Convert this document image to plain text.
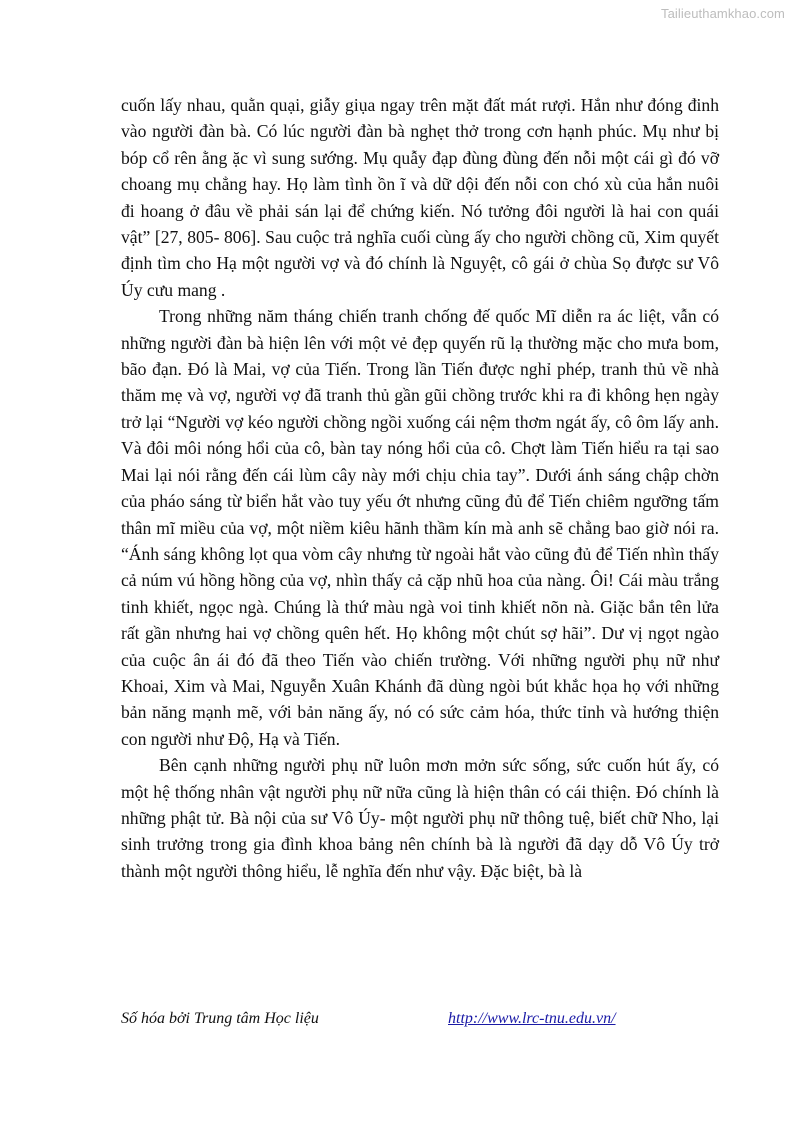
Tailieuthamkhao.com

cuốn lấy nhau, quằn quại, giẫy giụa ngay trên mặt đất mát rượi. Hắn như đóng đinh vào người đàn bà. Có lúc người đàn bà nghẹt thở trong cơn hạnh phúc. Mụ như bị bóp cổ rên ằng ặc vì sung sướng. Mụ quẫy đạp đùng đùng đến nỗi một cái gì đó vỡ choang mụ chẳng hay. Họ làm tình ồn ĩ và dữ dội đến nỗi con chó xù của hắn nuôi đi hoang ở đâu về phải sán lại để chứng kiến. Nó tưởng đôi người là hai con quái vật” [27, 805- 806]. Sau cuộc trả nghĩa cuối cùng ấy cho người chồng cũ, Xim quyết định tìm cho Hạ một người vợ và đó chính là Nguyệt, cô gái ở chùa Sọ được sư Vô Úy cưu mang .

Trong những năm tháng chiến tranh chống đế quốc Mĩ diễn ra ác liệt, vẫn có những người đàn bà hiện lên với một vẻ đẹp quyến rũ lạ thường mặc cho mưa bom, bão đạn. Đó là Mai, vợ của Tiến. Trong lần Tiến được nghỉ phép, tranh thủ về nhà thăm mẹ và vợ, người vợ đã tranh thủ gần gũi chồng trước khi ra đi không hẹn ngày trở lại “Người vợ kéo người chồng ngồi xuống cái nệm thơm ngát ấy, cô ôm lấy anh. Và đôi môi nóng hổi của cô, bàn tay nóng hổi của cô. Chợt làm Tiến hiểu ra tại sao Mai lại nói rằng đến cái lùm cây này mới chịu chia tay”. Dưới ánh sáng chập chờn của pháo sáng từ biển hắt vào tuy yếu ớt nhưng cũng đủ để Tiến chiêm ngưỡng tấm thân mĩ miều của vợ, một niềm kiêu hãnh thầm kín mà anh sẽ chẳng bao giờ nói ra. “Ánh sáng không lọt qua vòm cây nhưng từ ngoài hắt vào cũng đủ để Tiến nhìn thấy cả núm vú hồng hồng của vợ, nhìn thấy cả cặp nhũ hoa của nàng. Ôi! Cái màu trắng tinh khiết, ngọc ngà. Chúng là thứ màu ngà voi tinh khiết nõn nà. Giặc bắn tên lửa rất gần nhưng hai vợ chồng quên hết. Họ không một chút sợ hãi”. Dư vị ngọt ngào của cuộc ân ái đó đã theo Tiến vào chiến trường. Với những người phụ nữ như Khoai, Xim và Mai, Nguyễn Xuân Khánh đã dùng ngòi bút khắc họa họ với những bản năng mạnh mẽ, với bản năng ấy, nó có sức cảm hóa, thức tỉnh và hướng thiện con người như Độ, Hạ và Tiến.

Bên cạnh những người phụ nữ luôn mơn mởn sức sống, sức cuốn hút ấy, có một hệ thống nhân vật người phụ nữ nữa cũng là hiện thân có cái thiện. Đó chính là những phật tử. Bà nội của sư Vô Úy- một người phụ nữ thông tuệ, biết chữ Nho, lại sinh trưởng trong gia đình khoa bảng nên chính bà là người đã dạy dỗ Vô Úy trở thành một người thông hiểu, lễ nghĩa đến như vậy. Đặc biệt, bà là

Số hóa bởi Trung tâm Học liệu	http://www.lrc-tnu.edu.vn/
